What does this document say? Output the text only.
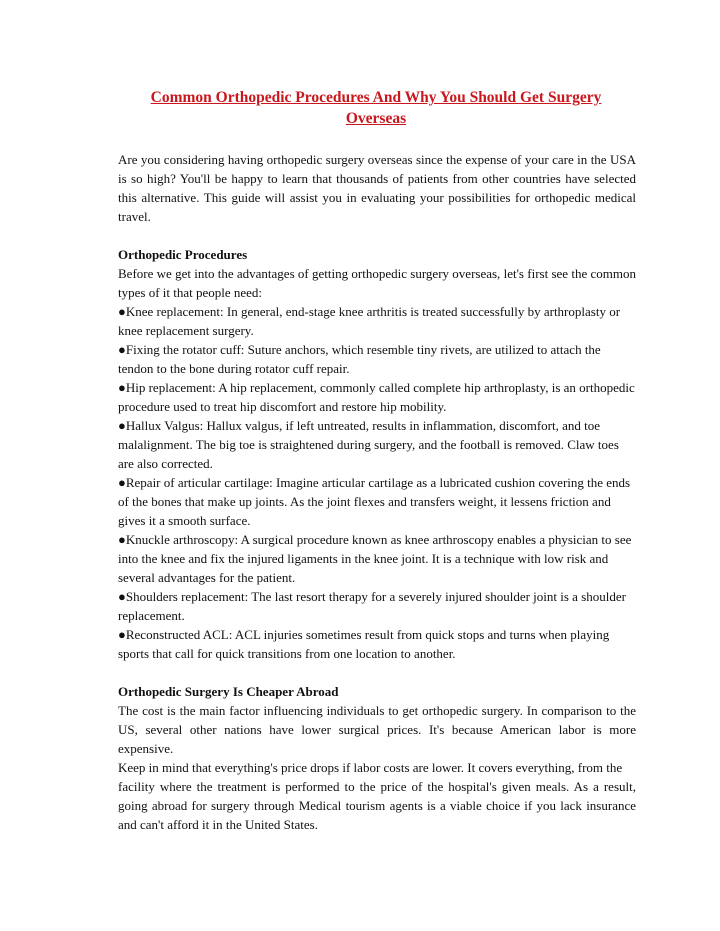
Common Orthopedic Procedures And Why You Should Get Surgery
Overseas

Are you considering having orthopedic surgery overseas since the expense of your care in the USA is so high? You'll be happy to learn that thousands of patients from other countries have selected this alternative. This guide will assist you in evaluating your possibilities for orthopedic medical travel.

Orthopedic Procedures

Before we get into the advantages of getting orthopedic surgery overseas, let's first see the common types of it that people need:

●Knee replacement: In general, end-stage knee arthritis is treated successfully by arthroplasty or knee replacement surgery.

●Fixing the rotator cuff: Suture anchors, which resemble tiny rivets, are utilized to attach the tendon to the bone during rotator cuff repair.

●Hip replacement: A hip replacement, commonly called complete hip arthroplasty, is an orthopedic procedure used to treat hip discomfort and restore hip mobility.

●Hallux Valgus: Hallux valgus, if left untreated, results in inflammation, discomfort, and toe malalignment. The big toe is straightened during surgery, and the football is removed. Claw toes are also corrected.

●Repair of articular cartilage: Imagine articular cartilage as a lubricated cushion covering the ends of the bones that make up joints. As the joint flexes and transfers weight, it lessens friction and gives it a smooth surface.

●Knuckle arthroscopy: A surgical procedure known as knee arthroscopy enables a physician to see into the knee and fix the injured ligaments in the knee joint. It is a technique with low risk and several advantages for the patient.

●Shoulders replacement: The last resort therapy for a severely injured shoulder joint is a shoulder replacement.

●Reconstructed ACL: ACL injuries sometimes result from quick stops and turns when playing sports that call for quick transitions from one location to another.

Orthopedic Surgery Is Cheaper Abroad

The cost is the main factor influencing individuals to get orthopedic surgery. In comparison to the US, several other nations have lower surgical prices. It's because American labor is more expensive.

Keep in mind that everything's price drops if labor costs are lower. It covers everything, from the

facility where the treatment is performed to the price of the hospital's given meals. As a result, going abroad for surgery through Medical tourism agents is a viable choice if you lack insurance and can't afford it in the United States.
